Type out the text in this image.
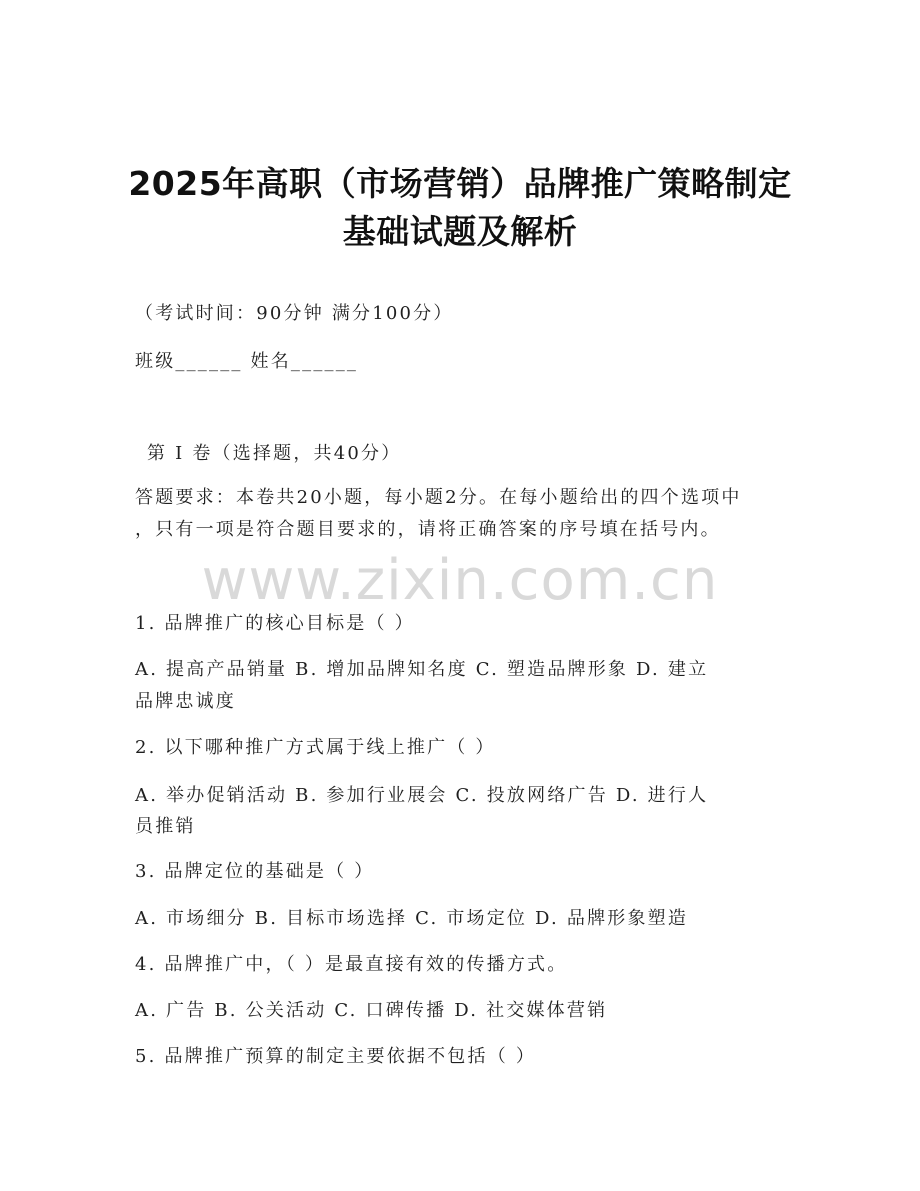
2025年高职（市场营销）品牌推广策略制定
基础试题及解析
（考试时间：90分钟 满分100分）
班级______ 姓名______
第 I 卷（选择题，共40分）
答题要求：本卷共20小题，每小题2分。在每小题给出的四个选项中
，只有一项是符合题目要求的，请将正确答案的序号填在括号内。
www.zixin.com.cn
1. 品牌推广的核心目标是（ ）
A. 提高产品销量 B. 增加品牌知名度 C. 塑造品牌形象 D. 建立
品牌忠诚度
2. 以下哪种推广方式属于线上推广（ ）
A. 举办促销活动 B. 参加行业展会 C. 投放网络广告 D. 进行人
员推销
3. 品牌定位的基础是（ ）
A. 市场细分 B. 目标市场选择 C. 市场定位 D. 品牌形象塑造
4. 品牌推广中，（ ）是最直接有效的传播方式。
A. 广告 B. 公关活动 C. 口碑传播 D. 社交媒体营销
5. 品牌推广预算的制定主要依据不包括（ ）
